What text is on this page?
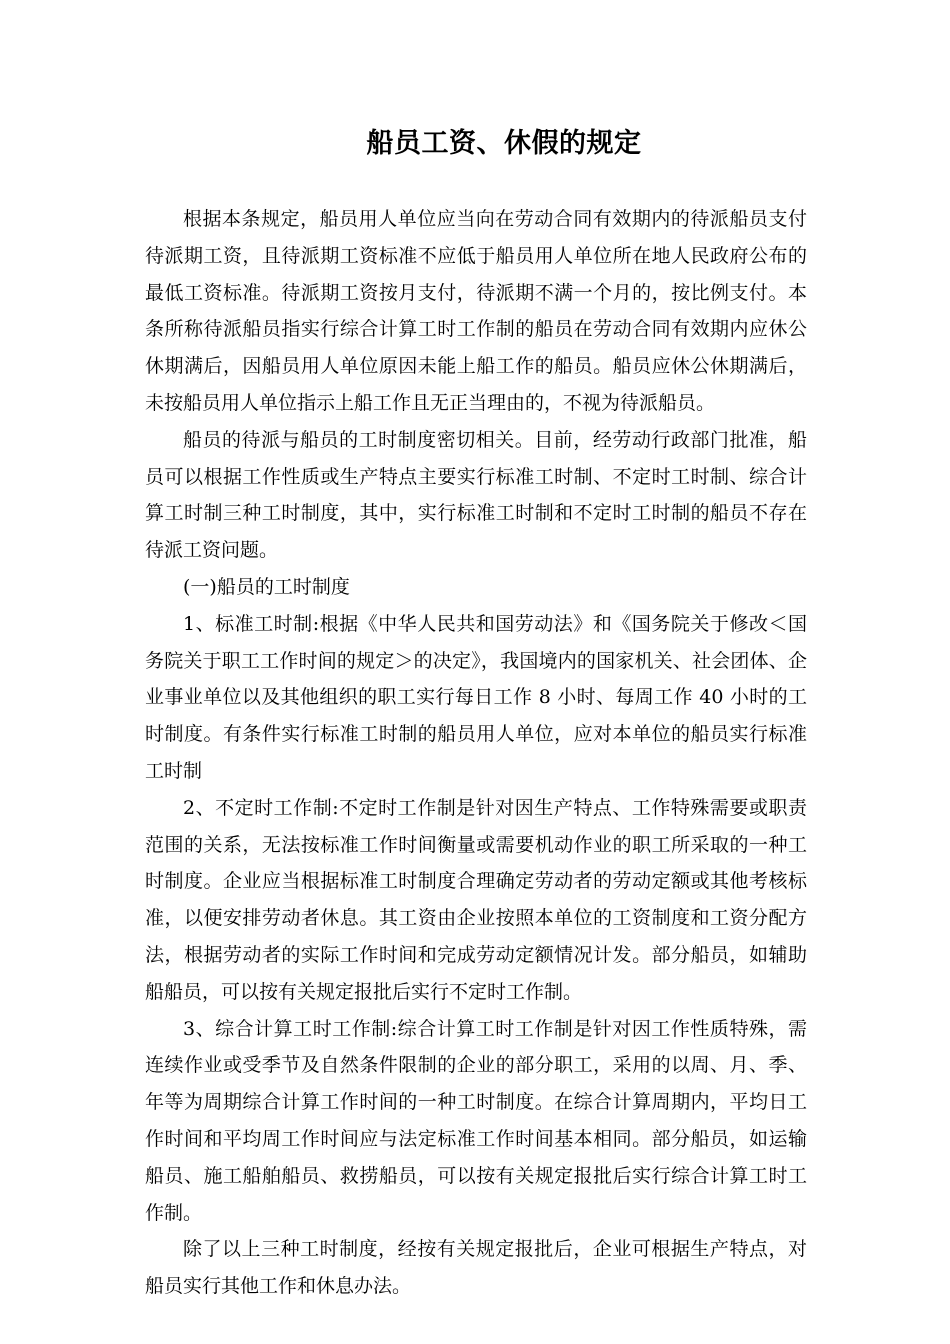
船员工资、休假的规定

根据本条规定，船员用人单位应当向在劳动合同有效期内的待派船员支付待派期工资，且待派期工资标准不应低于船员用人单位所在地人民政府公布的最低工资标准。待派期工资按月支付，待派期不满一个月的，按比例支付。本条所称待派船员指实行综合计算工时工作制的船员在劳动合同有效期内应休公休期满后，因船员用人单位原因未能上船工作的船员。船员应休公休期满后，未按船员用人单位指示上船工作且无正当理由的，不视为待派船员。

船员的待派与船员的工时制度密切相关。目前，经劳动行政部门批准，船员可以根据工作性质或生产特点主要实行标准工时制、不定时工时制、综合计算工时制三种工时制度，其中，实行标准工时制和不定时工时制的船员不存在待派工资问题。

(一)船员的工时制度

1、标准工时制:根据《中华人民共和国劳动法》和《国务院关于修改＜国务院关于职工工作时间的规定＞的决定》，我国境内的国家机关、社会团体、企业事业单位以及其他组织的职工实行每日工作 8 小时、每周工作 40 小时的工时制度。有条件实行标准工时制的船员用人单位，应对本单位的船员实行标准工时制

2、不定时工作制:不定时工作制是针对因生产特点、工作特殊需要或职责范围的关系，无法按标准工作时间衡量或需要机动作业的职工所采取的一种工时制度。企业应当根据标准工时制度合理确定劳动者的劳动定额或其他考核标准，以便安排劳动者休息。其工资由企业按照本单位的工资制度和工资分配方法，根据劳动者的实际工作时间和完成劳动定额情况计发。部分船员，如辅助船船员，可以按有关规定报批后实行不定时工作制。

3、综合计算工时工作制:综合计算工时工作制是针对因工作性质特殊，需连续作业或受季节及自然条件限制的企业的部分职工，采用的以周、月、季、年等为周期综合计算工作时间的一种工时制度。在综合计算周期内，平均日工作时间和平均周工作时间应与法定标准工作时间基本相同。部分船员，如运输船员、施工船舶船员、救捞船员，可以按有关规定报批后实行综合计算工时工作制。

除了以上三种工时制度，经按有关规定报批后，企业可根据生产特点，对船员实行其他工作和休息办法。
